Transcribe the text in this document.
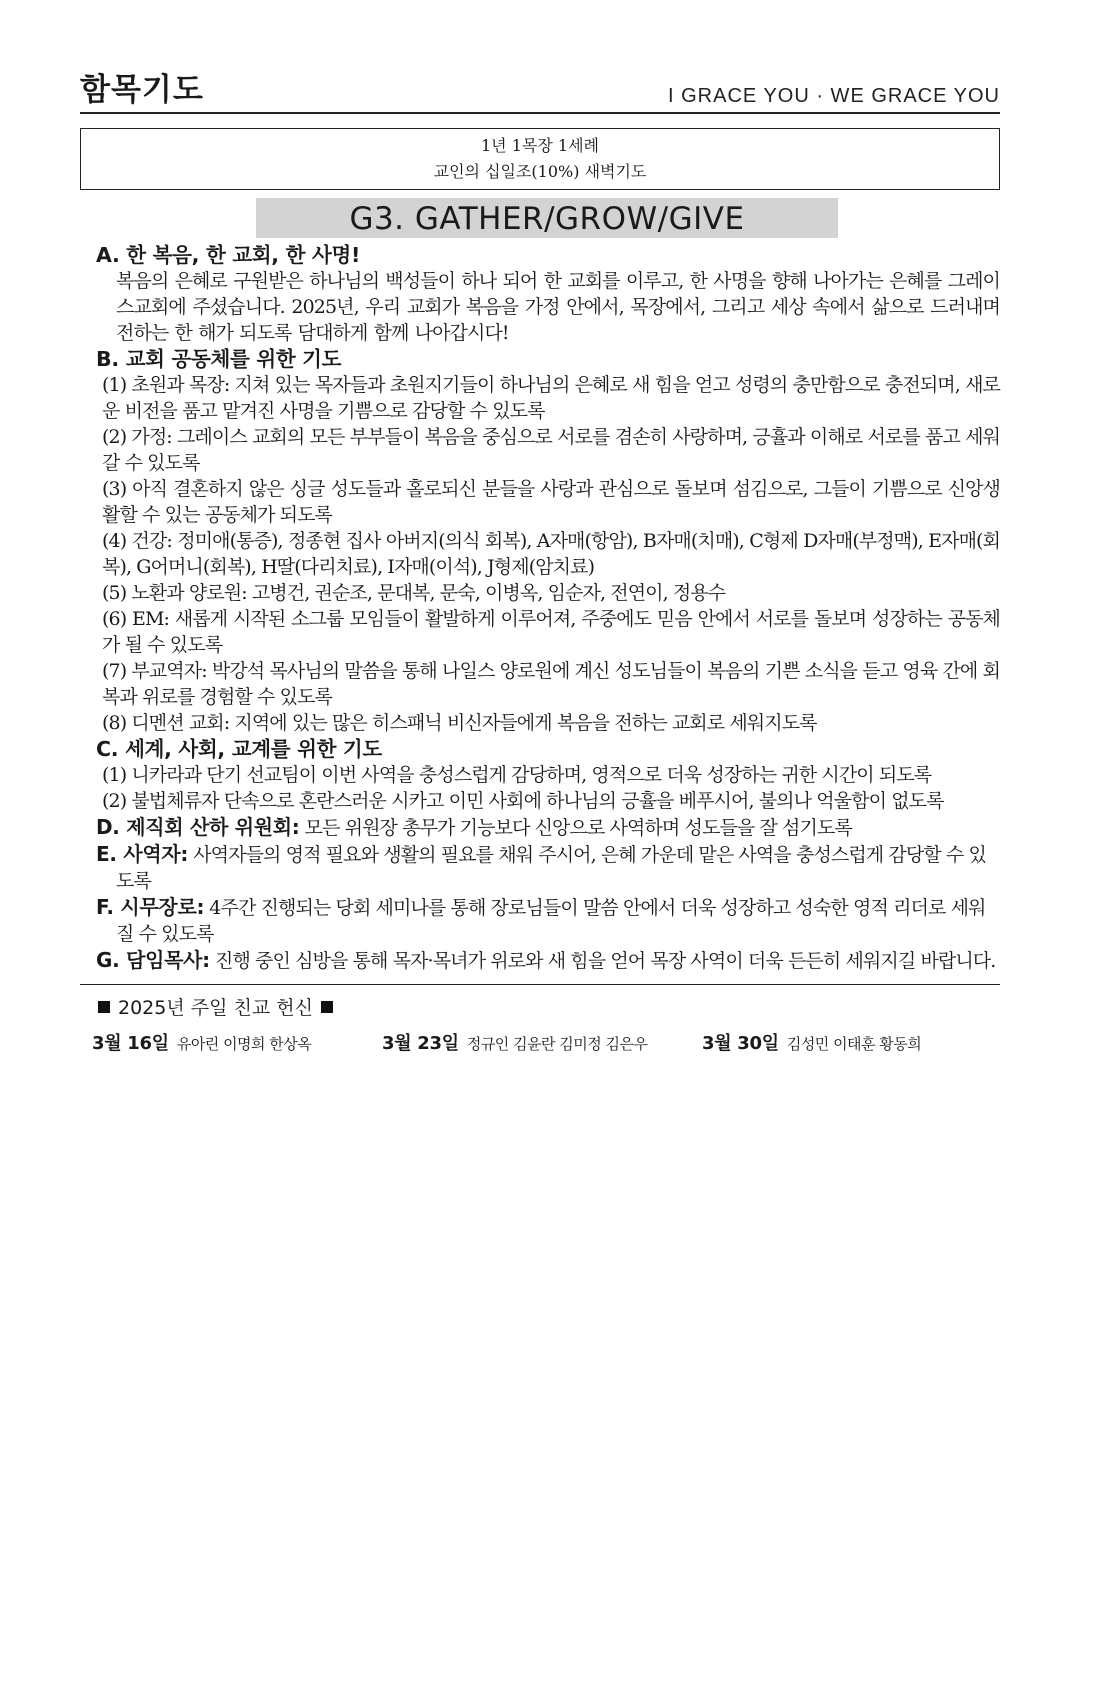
함목기도	I GRACE YOU · WE GRACE YOU
1년 1목장 1세례
교인의 십일조(10%) 새벽기도
G3. GATHER/GROW/GIVE
A. 한 복음, 한 교회, 한 사명!
복음의 은혜로 구원받은 하나님의 백성들이 하나 되어 한 교회를 이루고, 한 사명을 향해 나아가는 은혜를 그레이스교회에 주셨습니다. 2025년, 우리 교회가 복음을 가정 안에서, 목장에서, 그리고 세상 속에서 삶으로 드러내며 전하는 한 해가 되도록 담대하게 함께 나아갑시다!
B. 교회 공동체를 위한 기도
(1) 초원과 목장: 지쳐 있는 목자들과 초원지기들이 하나님의 은혜로 새 힘을 얻고 성령의 충만함으로 충전되며, 새로운 비전을 품고 맡겨진 사명을 기쁨으로 감당할 수 있도록
(2) 가정: 그레이스 교회의 모든 부부들이 복음을 중심으로 서로를 겸손히 사랑하며, 긍휼과 이해로 서로를 품고 세워갈 수 있도록
(3) 아직 결혼하지 않은 싱글 성도들과 홀로되신 분들을 사랑과 관심으로 돌보며 섬김으로, 그들이 기쁨으로 신앙생활할 수 있는 공동체가 되도록
(4) 건강: 정미애(통증), 정종현 집사 아버지(의식 회복), A자매(항암), B자매(치매), C형제 D자매(부정맥), E자매(회복), G어머니(회복), H딸(다리치료), I자매(이석), J형제(암치료)
(5) 노환과 양로원: 고병건, 권순조, 문대복, 문숙, 이병옥, 임순자, 전연이, 정용수
(6) EM: 새롭게 시작된 소그룹 모임들이 활발하게 이루어져, 주중에도 믿음 안에서 서로를 돌보며 성장하는 공동체가 될 수 있도록
(7) 부교역자: 박강석 목사님의 말씀을 통해 나일스 양로원에 계신 성도님들이 복음의 기쁜 소식을 듣고 영육 간에 회복과 위로를 경험할 수 있도록
(8) 디멘션 교회: 지역에 있는 많은 히스패닉 비신자들에게 복음을 전하는 교회로 세워지도록
C. 세계, 사회, 교계를 위한 기도
(1) 니카라과 단기 선교팀이 이번 사역을 충성스럽게 감당하며, 영적으로 더욱 성장하는 귀한 시간이 되도록
(2) 불법체류자 단속으로 혼란스러운 시카고 이민 사회에 하나님의 긍휼을 베푸시어, 불의나 억울함이 없도록
D. 제직회 산하 위원회: 모든 위원장 총무가 기능보다 신앙으로 사역하며 성도들을 잘 섬기도록
E. 사역자: 사역자들의 영적 필요와 생활의 필요를 채워 주시어, 은혜 가운데 맡은 사역을 충성스럽게 감당할 수 있도록
F. 시무장로: 4주간 진행되는 당회 세미나를 통해 장로님들이 말씀 안에서 더욱 성장하고 성숙한 영적 리더로 세워질 수 있도록
G. 담임목사: 진행 중인 심방을 통해 목자·목녀가 위로와 새 힘을 얻어 목장 사역이 더욱 든든히 세워지길 바랍니다.
2025년 주일 친교 헌신
3월 16일 유아린 이명희 한상옥	3월 23일 정규인 김윤란 김미정 김은우	3월 30일 김성민 이태훈 황동희
